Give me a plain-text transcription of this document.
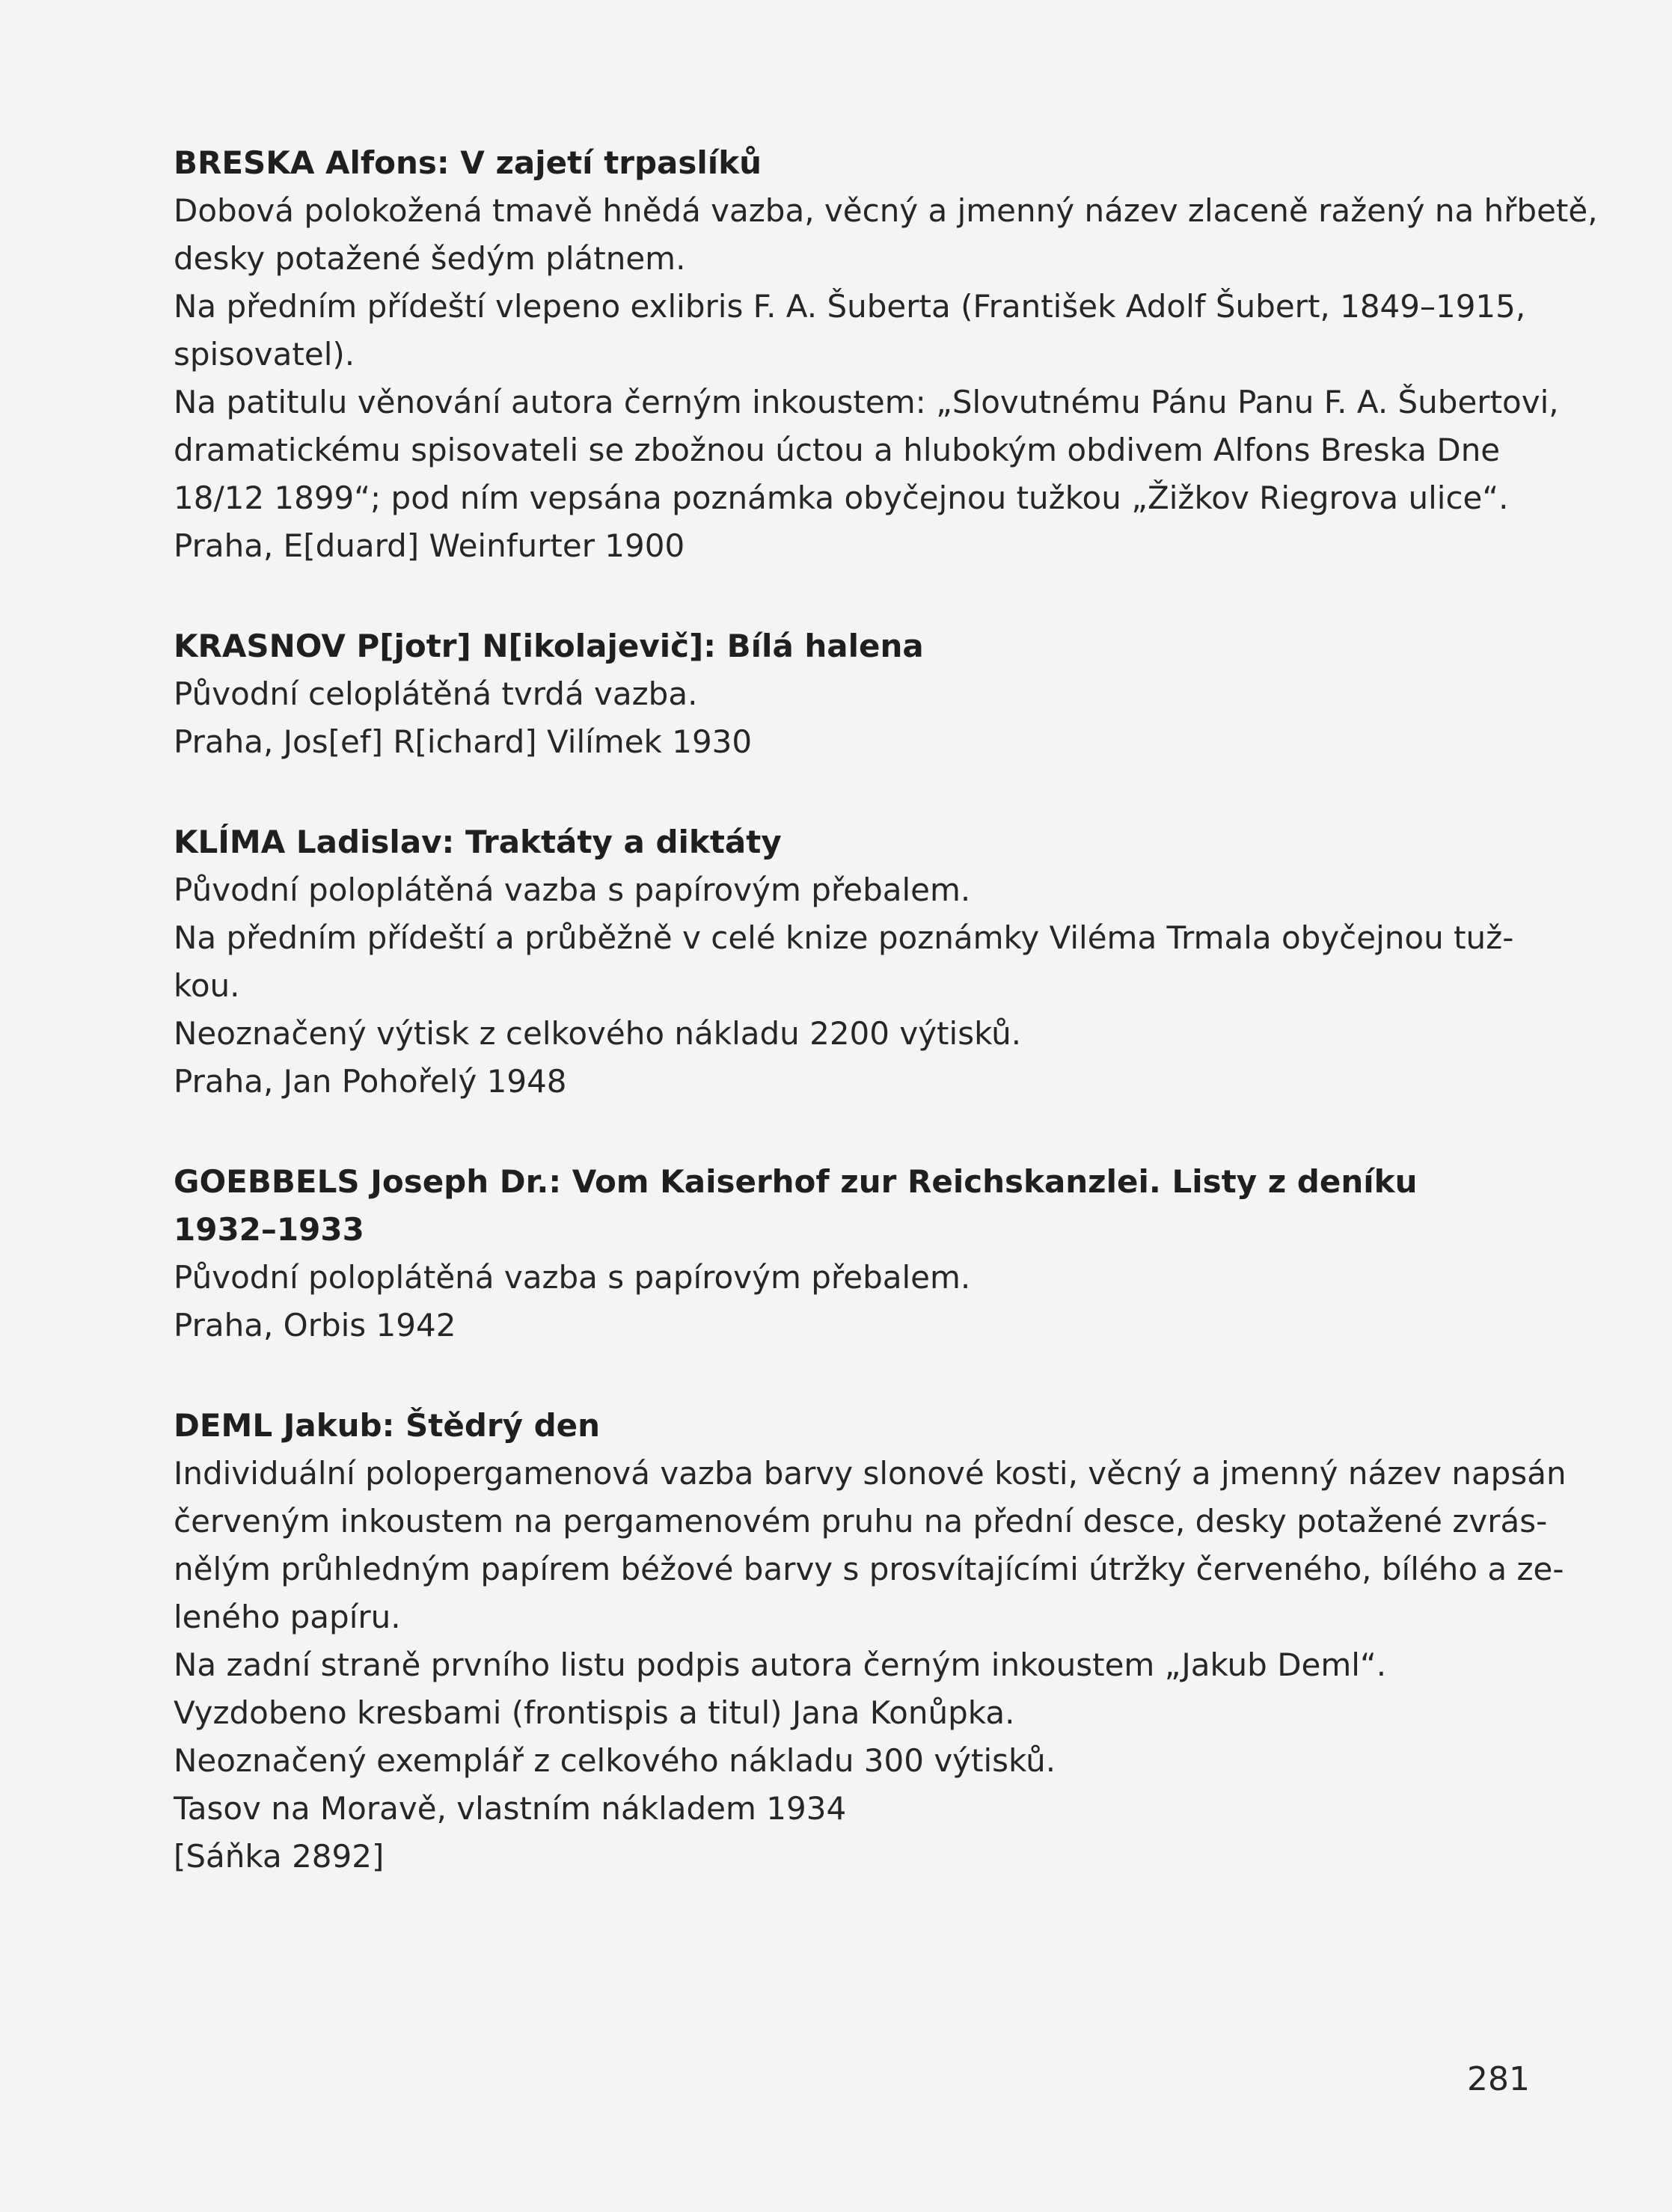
BRESKA Alfons: V zajetí trpaslíků

Dobová polokožená tmavě hnědá vazba, věcný a jmenný název zlaceně ražený na hřbetě,

desky potažené šedým plátnem.

Na předním přídeští vlepeno exlibris F. A. Šuberta (František Adolf Šubert, 1849–1915,

spisovatel).

Na patitulu věnování autora černým inkoustem: „Slovutnému Pánu Panu F. A. Šubertovi,

dramatickému spisovateli se zbožnou úctou a hlubokým obdivem Alfons Breska Dne

18/12 1899“; pod ním vepsána poznámka obyčejnou tužkou „Žižkov Riegrova ulice“.

Praha, E[duard] Weinfurter 1900

KRASNOV P[jotr] N[ikolajevič]: Bílá halena

Původní celoplátěná tvrdá vazba.

Praha, Jos[ef] R[ichard] Vilímek 1930

KLÍMA Ladislav: Traktáty a diktáty

Původní poloplátěná vazba s papírovým přebalem.

Na předním přídeští a průběžně v celé knize poznámky Viléma Trmala obyčejnou tuž-

kou.

Neoznačený výtisk z celkového nákladu 2200 výtisků.

Praha, Jan Pohořelý 1948

GOEBBELS Joseph Dr.: Vom Kaiserhof zur Reichskanzlei. Listy z deníku

1932–1933

Původní poloplátěná vazba s papírovým přebalem.

Praha, Orbis 1942

DEML Jakub: Štědrý den

Individuální polopergamenová vazba barvy slonové kosti, věcný a jmenný název napsán

červeným inkoustem na pergamenovém pruhu na přední desce, desky potažené zvrás-

nělým průhledným papírem béžové barvy s prosvítajícími útržky červeného, bílého a ze-

leného papíru.

Na zadní straně prvního listu podpis autora černým inkoustem „Jakub Deml“.

Vyzdobeno kresbami (frontispis a titul) Jana Konůpka.

Neoznačený exemplář z celkového nákladu 300 výtisků.

Tasov na Moravě, vlastním nákladem 1934

[Sáňka 2892]

281
